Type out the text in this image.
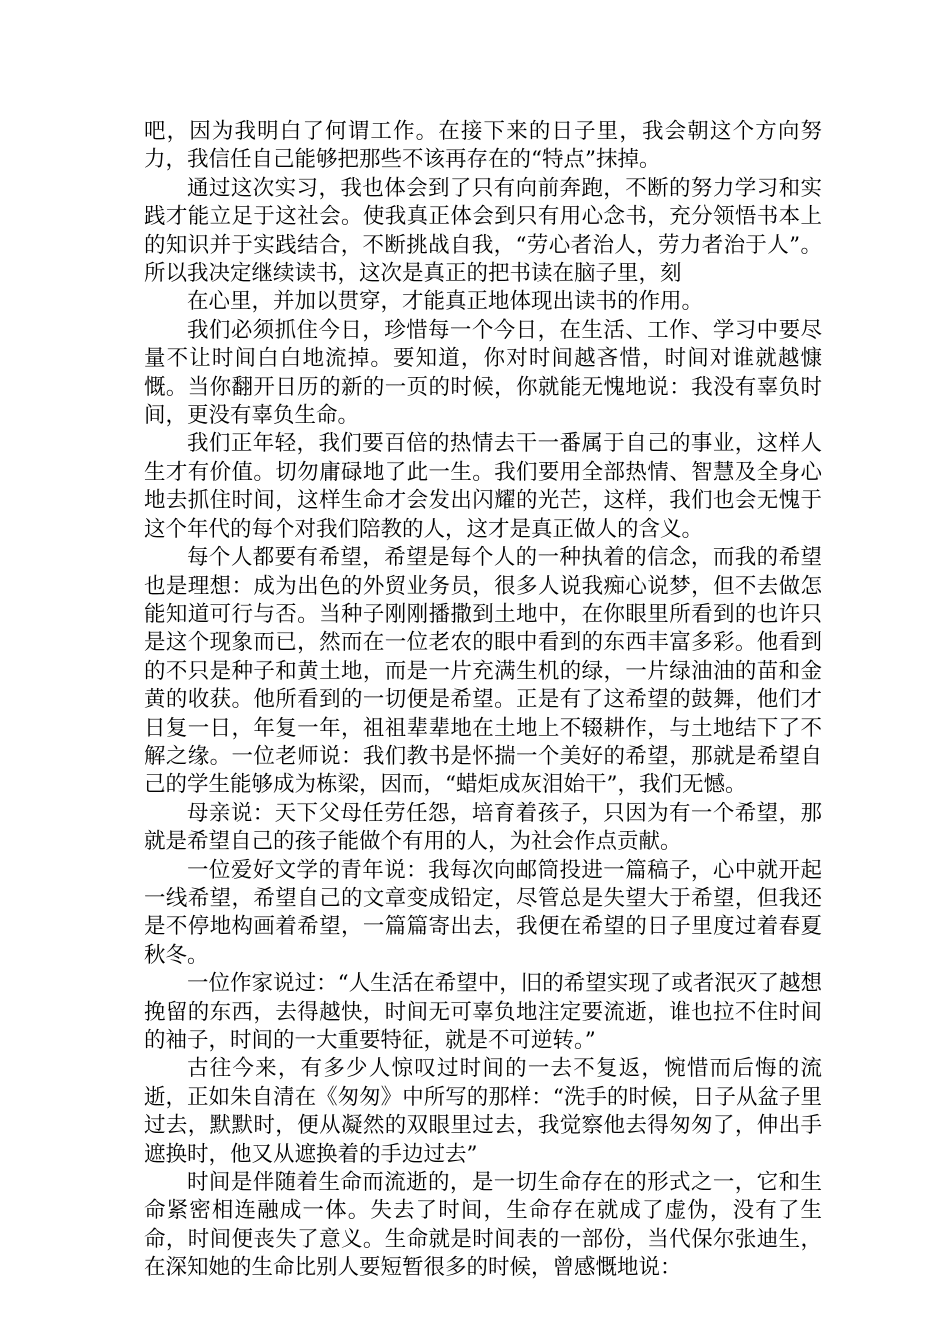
吧，因为我明白了何谓工作。在接下来的日子里，我会朝这个方向努力，我信任自己能够把那些不该再存在的“特点”抹掉。

通过这次实习，我也体会到了只有向前奔跑，不断的努力学习和实践才能立足于这社会。使我真正体会到只有用心念书，充分领悟书本上的知识并于实践结合，不断挑战自我，“劳心者治人，劳力者治于人”。所以我决定继续读书，这次是真正的把书读在脑子里，刻

在心里，并加以贯穿，才能真正地体现出读书的作用。

我们必须抓住今日，珍惜每一个今日，在生活、工作、学习中要尽量不让时间白白地流掉。要知道，你对时间越吝惜，时间对谁就越慷慨。当你翻开日历的新的一页的时候，你就能无愧地说：我没有辜负时间，更没有辜负生命。

我们正年轻，我们要百倍的热情去干一番属于自己的事业，这样人生才有价值。切勿庸碌地了此一生。我们要用全部热情、智慧及全身心地去抓住时间，这样生命才会发出闪耀的光芒，这样，我们也会无愧于这个年代的每个对我们陪教的人，这才是真正做人的含义。

每个人都要有希望，希望是每个人的一种执着的信念，而我的希望也是理想：成为出色的外贸业务员，很多人说我痴心说梦，但不去做怎能知道可行与否。当种子刚刚播撒到土地中，在你眼里所看到的也许只是这个现象而已，然而在一位老农的眼中看到的东西丰富多彩。他看到的不只是种子和黄土地，而是一片充满生机的绿，一片绿油油的苗和金黄的收获。他所看到的一切便是希望。正是有了这希望的鼓舞，他们才日复一日，年复一年，祖祖辈辈地在土地上不辍耕作，与土地结下了不解之缘。一位老师说：我们教书是怀揣一个美好的希望，那就是希望自己的学生能够成为栋梁，因而，“蜡炬成灰泪始干”，我们无憾。

母亲说：天下父母任劳任怨，培育着孩子，只因为有一个希望，那就是希望自己的孩子能做个有用的人，为社会作点贡献。

一位爱好文学的青年说：我每次向邮筒投进一篇稿子，心中就开起一线希望，希望自己的文章变成铅定，尽管总是失望大于希望，但我还是不停地构画着希望，一篇篇寄出去，我便在希望的日子里度过着春夏秋冬。

一位作家说过：“人生活在希望中，旧的希望实现了或者泯灭了越想挽留的东西，去得越快，时间无可辜负地注定要流逝，谁也拉不住时间的袖子，时间的一大重要特征，就是不可逆转。”

古往今来，有多少人惊叹过时间的一去不复返，惋惜而后悔的流逝，正如朱自清在《匆匆》中所写的那样：“洗手的时候，日子从盆子里过去，默默时，便从凝然的双眼里过去，我觉察他去得匆匆了，伸出手遮换时，他又从遮换着的手边过去”

时间是伴随着生命而流逝的，是一切生命存在的形式之一，它和生命紧密相连融成一体。失去了时间，生命存在就成了虚伪，没有了生命，时间便丧失了意义。生命就是时间表的一部份，当代保尔张迪生，在深知她的生命比别人要短暂很多的时候，曾感慨地说：
